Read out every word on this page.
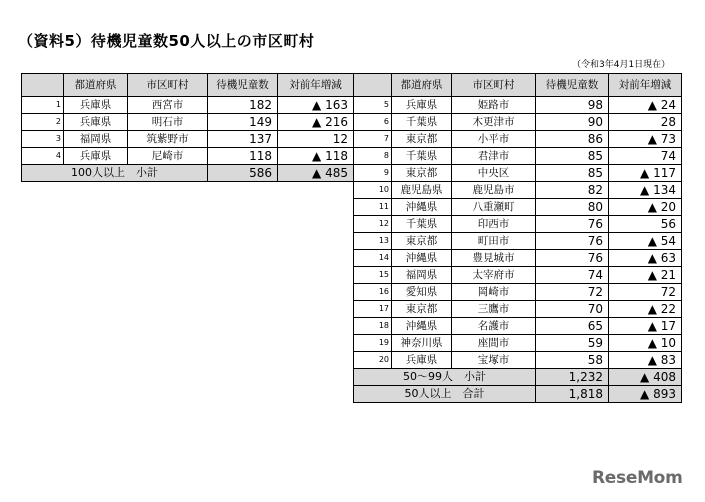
（資料5）待機児童数50人以上の市区町村
（令和3年4月1日現在）
	都道府県	市区町村	待機児童数	対前年増減
1	兵庫県	西宮市	182	▲ 163
2	兵庫県	明石市	149	▲ 216
3	福岡県	筑紫野市	137	12
4	兵庫県	尼崎市	118	▲ 118
100人以上　小計			586	▲ 485
	都道府県	市区町村	待機児童数	対前年増減
5	兵庫県	姫路市	98	▲ 24
6	千葉県	木更津市	90	28
7	東京都	小平市	86	▲ 73
8	千葉県	君津市	85	74
9	東京都	中央区	85	▲ 117
10	鹿児島県	鹿児島市	82	▲ 134
11	沖縄県	八重瀬町	80	▲ 20
12	千葉県	印西市	76	56
13	東京都	町田市	76	▲ 54
14	沖縄県	豊見城市	76	▲ 63
15	福岡県	太宰府市	74	▲ 21
16	愛知県	岡崎市	72	72
17	東京都	三鷹市	70	▲ 22
18	沖縄県	名護市	65	▲ 17
19	神奈川県	座間市	59	▲ 10
20	兵庫県	宝塚市	58	▲ 83
50～99人　小計			1,232	▲ 408
50人以上　合計			1,818	▲ 893
ReseMom
